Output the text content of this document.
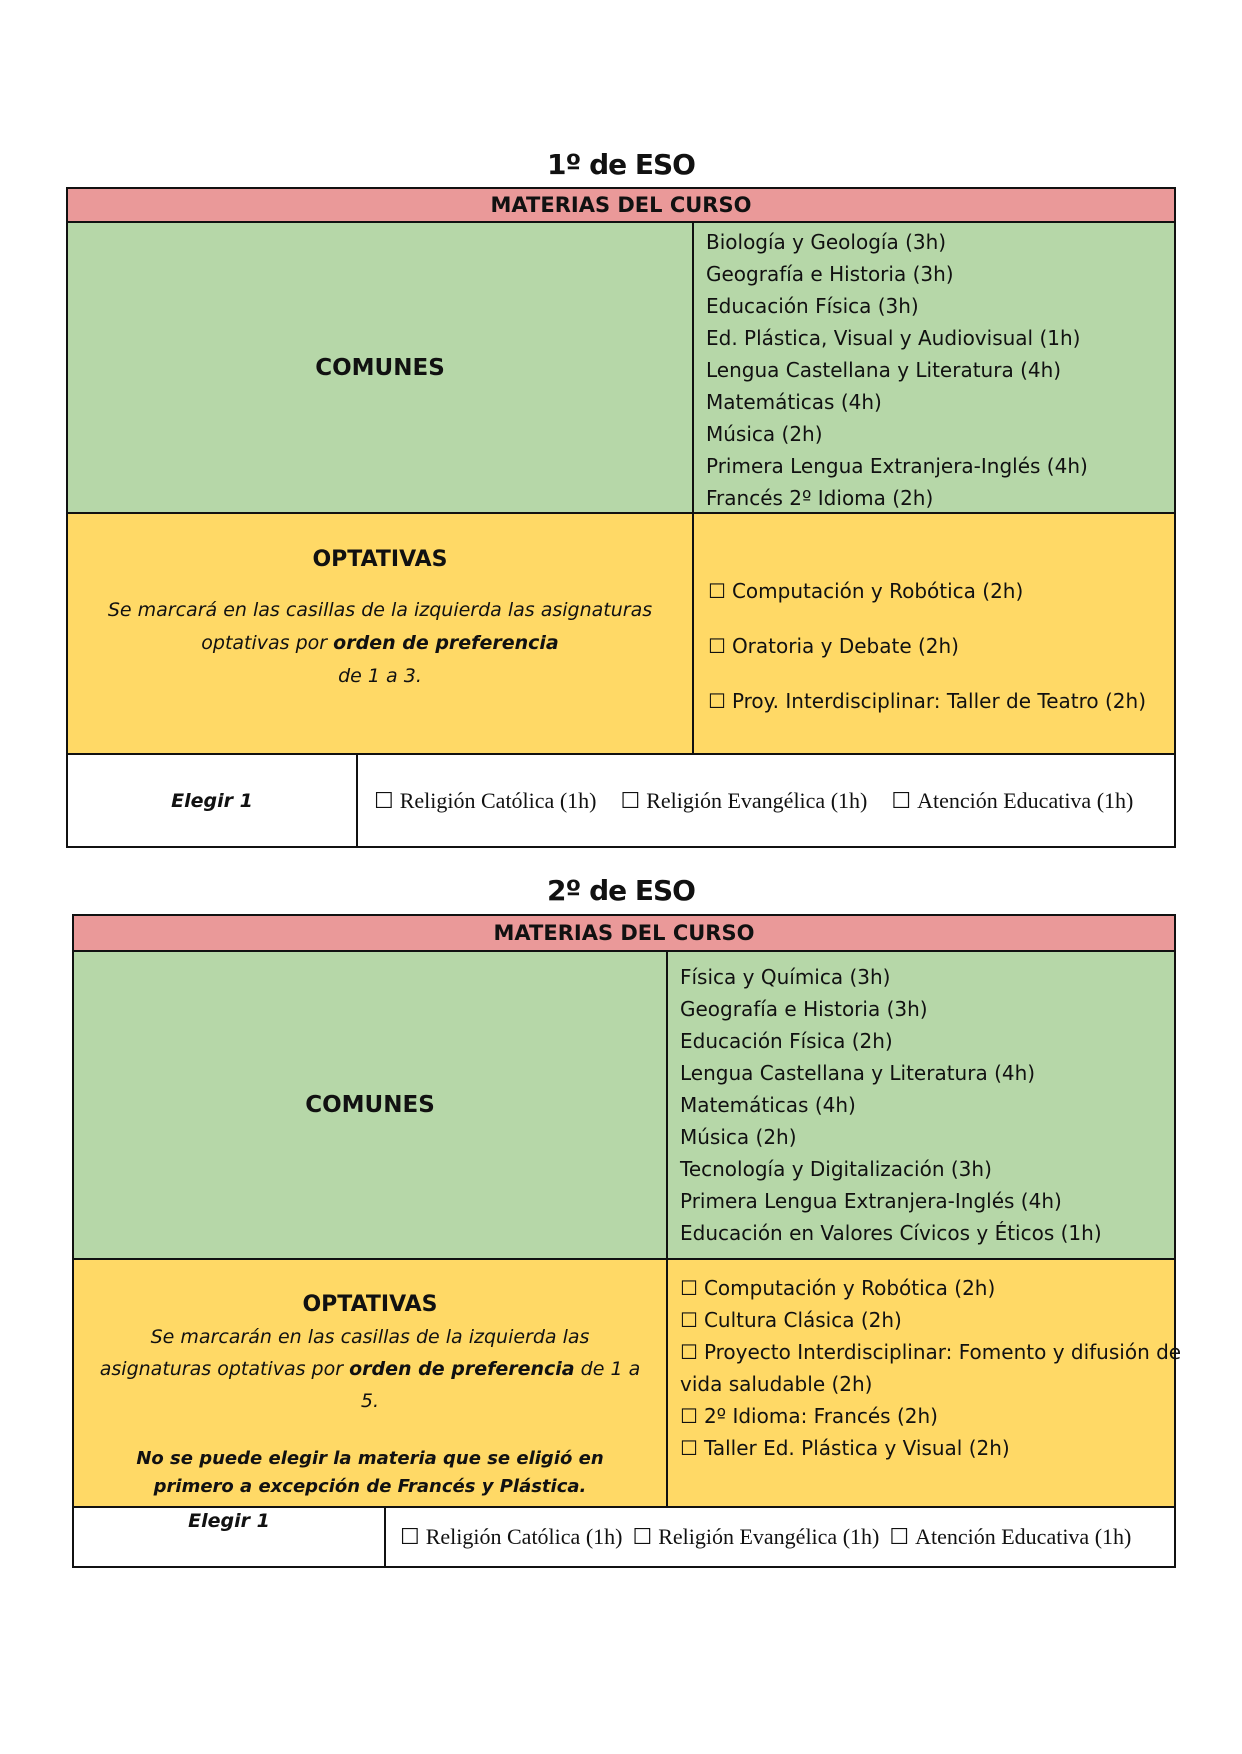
1º de ESO
MATERIAS DEL CURSO
COMUNES
Biología y Geología (3h)
Geografía e Historia (3h)
Educación Física (3h)
Ed. Plástica, Visual y Audiovisual (1h)
Lengua Castellana y Literatura (4h)
Matemáticas (4h)
Música (2h)
Primera Lengua Extranjera-Inglés (4h)
Francés 2º Idioma (2h)
OPTATIVAS
Se marcará en las casillas de la izquierda las asignaturas optativas por orden de preferencia
de 1 a 3.
☐ Computación y Robótica (2h)
☐ Oratoria y Debate (2h)
☐ Proy. Interdisciplinar: Taller de Teatro (2h)
Elegir 1	☐ Religión Católica (1h) ☐ Religión Evangélica (1h) ☐ Atención Educativa (1h)
2º de ESO
MATERIAS DEL CURSO
COMUNES
Física y Química (3h)
Geografía e Historia (3h)
Educación Física (2h)
Lengua Castellana y Literatura (4h)
Matemáticas (4h)
Música (2h)
Tecnología y Digitalización (3h)
Primera Lengua Extranjera-Inglés (4h)
Educación en Valores Cívicos y Éticos (1h)
OPTATIVAS
Se marcarán en las casillas de la izquierda las asignaturas optativas por orden de preferencia de 1 a 5.
No se puede elegir la materia que se eligió en primero a excepción de Francés y Plástica.
☐ Computación y Robótica (2h)
☐ Cultura Clásica (2h)
☐ Proyecto Interdisciplinar: Fomento y difusión de
vida saludable (2h)
☐ 2º Idioma: Francés (2h)
☐ Taller Ed. Plástica y Visual (2h)
Elegir 1
☐ Religión Católica (1h) ☐ Religión Evangélica (1h) ☐ Atención Educativa (1h)
